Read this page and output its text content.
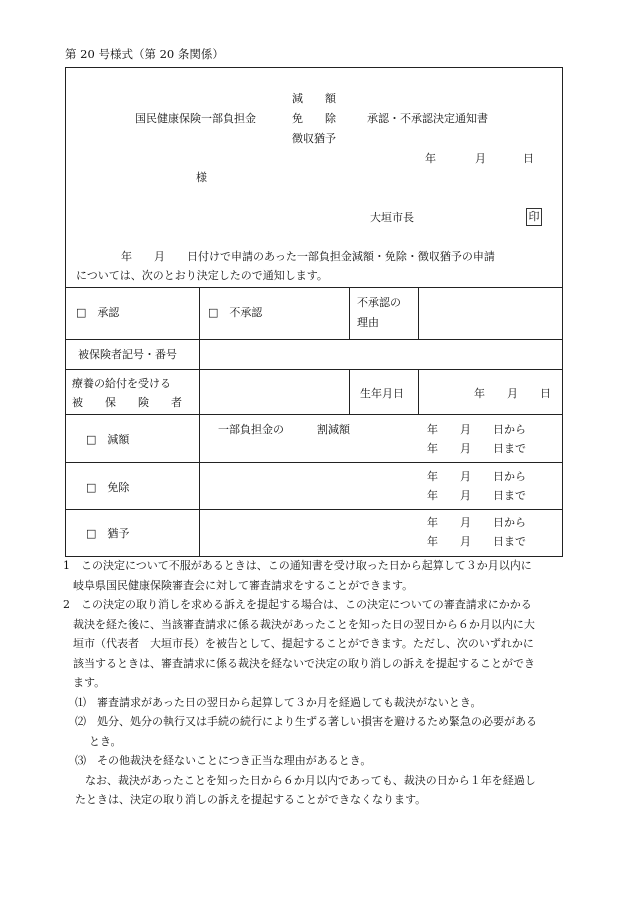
第 20 号様式（第 20 条関係）
減　　額
国民健康保険一部負担金	免　　除	承認・不承認決定通知書
徴収猶予
年	月	日
様
大垣市長	印
年　　月　　日付けで申請のあった一部負担金減額・免除・徴収猶予の申請
については、次のとおり決定したので通知します。
□　承認	□　不承認
不承認の
理由
被保険者記号・番号
療養の給付を受ける
被　　保　　険　　者
生年月日	年　　月　　日
□　減額
一部負担金の　　　割減額	年　　月　　日から
年　　月　　日まで
□　免除
年　　月　　日から
年　　月　　日まで
□　猶予
年　　月　　日から
年　　月　　日まで

1　この決定について不服があるときは、この通知書を受け取った日から起算して３か月以内に

岐阜県国民健康保険審査会に対して審査請求をすることができます。

2　この決定の取り消しを求める訴えを提起する場合は、この決定についての審査請求にかかる

裁決を経た後に、当該審査請求に係る裁決があったことを知った日の翌日から６か月以内に大

垣市（代表者　大垣市長）を被告として、提起することができます。ただし、次のいずれかに

該当するときは、審査請求に係る裁決を経ないで決定の取り消しの訴えを提起することができ

ます。

⑴　審査請求があった日の翌日から起算して３か月を経過しても裁決がないとき。

⑵　処分、処分の執行又は手続の続行により生ずる著しい損害を避けるため緊急の必要がある

とき。

⑶　その他裁決を経ないことにつき正当な理由があるとき。

なお、裁決があったことを知った日から６か月以内であっても、裁決の日から１年を経過し

たときは、決定の取り消しの訴えを提起することができなくなります。
